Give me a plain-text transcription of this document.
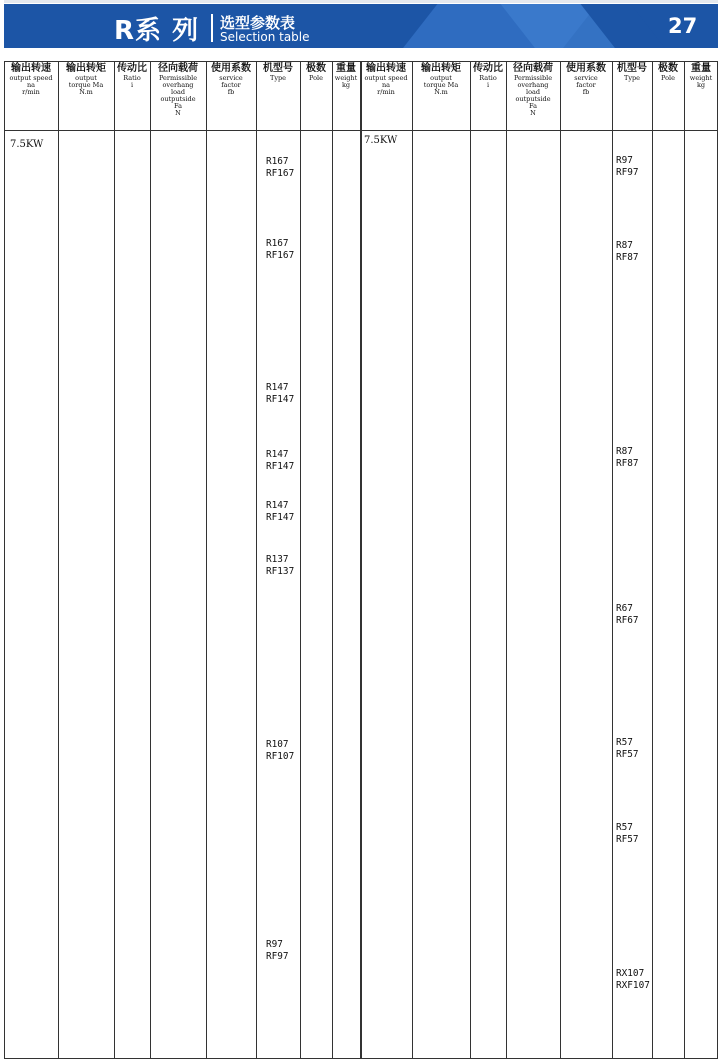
R系 列 选型参数表
Selection table	27
输出转速
output speed
na
r/min
输出转矩
output
torque Ma
N.m
传动比
Ratio
i
径向载荷
Permissible
overhang
load
outputside
Fa
N
使用系数
service
factor
fb
机型号
Type
极数
Pole
重量
weight
kg
输出转速
output speed
na
r/min
输出转矩
output
torque Ma
N.m
传动比
Ratio
i
径向载荷
Permissible
overhang
load
outputside
Fa
N
使用系数
service
factor
fb
机型号
Type
极数
Pole
重量
weight
kg
7.5KW	7.5KW
R167
RF167
R167
RF167
R147
RF147
R147
RF147
R147
RF147
R137
RF137
R107
RF107
R97
RF97
R97
RF97
R87
RF87
R87
RF87
R67
RF67
R57
RF57
R57
RF57
RX107
RXF107
